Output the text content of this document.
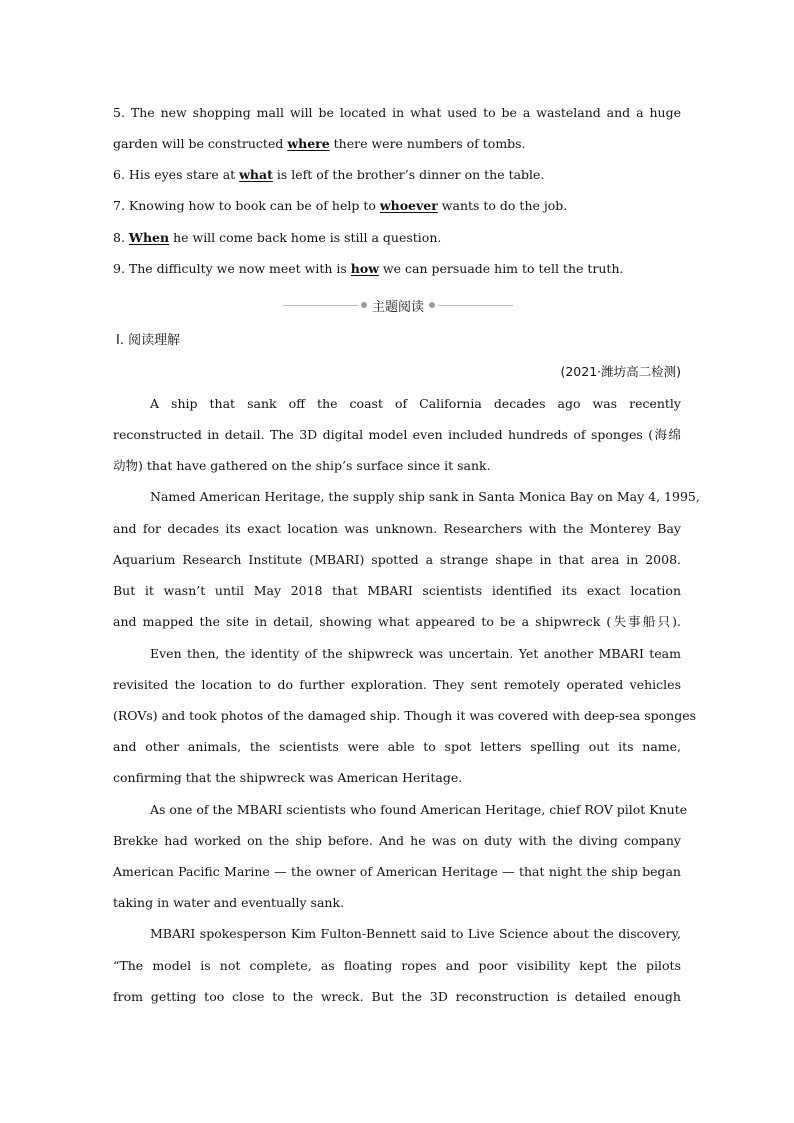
5. The new shopping mall will be located in what used to be a wasteland and a huge
garden will be constructed where there were numbers of tombs.
6. His eyes stare at what is left of the brother’s dinner on the table.
7. Knowing how to book can be of help to whoever wants to do the job.
8. When he will come back home is still a question.
9. The difficulty we now meet with is how we can persuade him to tell the truth.
主题阅读
Ⅰ. 阅读理解
(2021·潍坊高二检测)
A ship that sank off the coast of California decades ago was recently
reconstructed in detail. The 3D digital model even included hundreds of sponges (海绵
动物) that have gathered on the ship’s surface since it sank.
Named American Heritage, the supply ship sank in Santa Monica Bay on May 4, 1995,
and for decades its exact location was unknown. Researchers with the Monterey Bay
Aquarium Research Institute (MBARI) spotted a strange shape in that area in 2008.
But it wasn’t until May 2018 that MBARI scientists identified its exact location
and mapped the site in detail, showing what appeared to be a shipwreck (失事船只).
Even then, the identity of the shipwreck was uncertain. Yet another MBARI team
revisited the location to do further exploration. They sent remotely operated vehicles
(ROVs) and took photos of the damaged ship. Though it was covered with deep-sea sponges
and other animals, the scientists were able to spot letters spelling out its name,
confirming that the shipwreck was American Heritage.
As one of the MBARI scientists who found American Heritage, chief ROV pilot Knute
Brekke had worked on the ship before. And he was on duty with the diving company
American Pacific Marine — the owner of American Heritage — that night the ship began
taking in water and eventually sank.
MBARI spokesperson Kim Fulton-Bennett said to Live Science about the discovery,
“The model is not complete, as floating ropes and poor visibility kept the pilots
from getting too close to the wreck. But the 3D reconstruction is detailed enough
